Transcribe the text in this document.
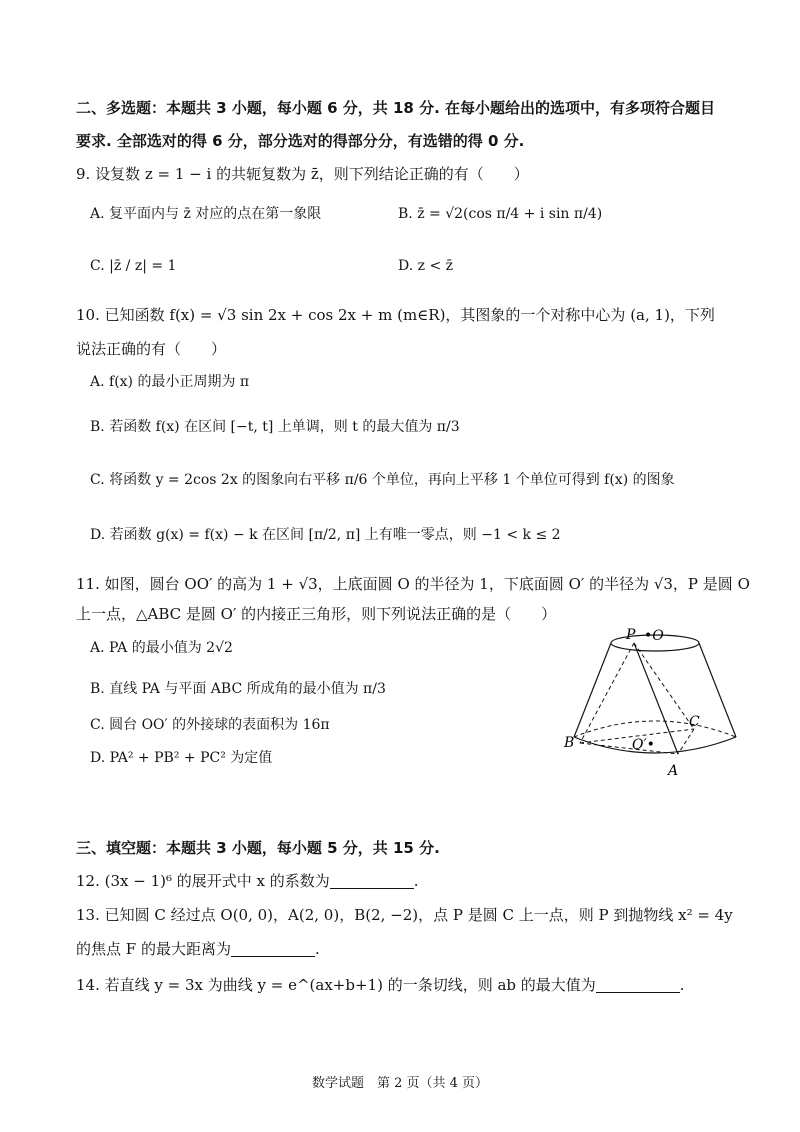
二、多选题：本题共 3 小题，每小题 6 分，共 18 分. 在每小题给出的选项中，有多项符合题目
要求. 全部选对的得 6 分，部分选对的得部分分，有选错的得 0 分.
9. 设复数 z = 1 − i 的共轭复数为 z̄，则下列结论正确的有（　　）
A. 复平面内与 z̄ 对应的点在第一象限	B. z̄ = √2(cos π/4 + i sin π/4)
C. |z̄ / z| = 1	D. z < z̄
10. 已知函数 f(x) = √3 sin 2x + cos 2x + m (m∈R)，其图象的一个对称中心为 (a, 1)，下列
说法正确的有（　　）
A. f(x) 的最小正周期为 π
B. 若函数 f(x) 在区间 [−t, t] 上单调，则 t 的最大值为 π/3
C. 将函数 y = 2cos 2x 的图象向右平移 π/6 个单位，再向上平移 1 个单位可得到 f(x) 的图象
D. 若函数 g(x) = f(x) − k 在区间 [π/2, π] 上有唯一零点，则 −1 < k ≤ 2
11. 如图，圆台 OO′ 的高为 1 + √3，上底面圆 O 的半径为 1，下底面圆 O′ 的半径为 √3，P 是圆 O
上一点，△ABC 是圆 O′ 的内接正三角形，则下列说法正确的是（　　）
A. PA 的最小值为 2√2
B. 直线 PA 与平面 ABC 所成角的最小值为 π/3
C. 圆台 OO′ 的外接球的表面积为 16π
D. PA² + PB² + PC² 为定值
P •O
C
B	O′•
A
三、填空题：本题共 3 小题，每小题 5 分，共 15 分.
12. (3x − 1)⁶ 的展开式中 x 的系数为	.
13. 已知圆 C 经过点 O(0, 0)，A(2, 0)，B(2, −2)，点 P 是圆 C 上一点，则 P 到抛物线 x² = 4y
的焦点 F 的最大距离为	.
14. 若直线 y = 3x 为曲线 y = e^(ax+b+1) 的一条切线，则 ab 的最大值为	.
数学试题　第 2 页（共 4 页）
